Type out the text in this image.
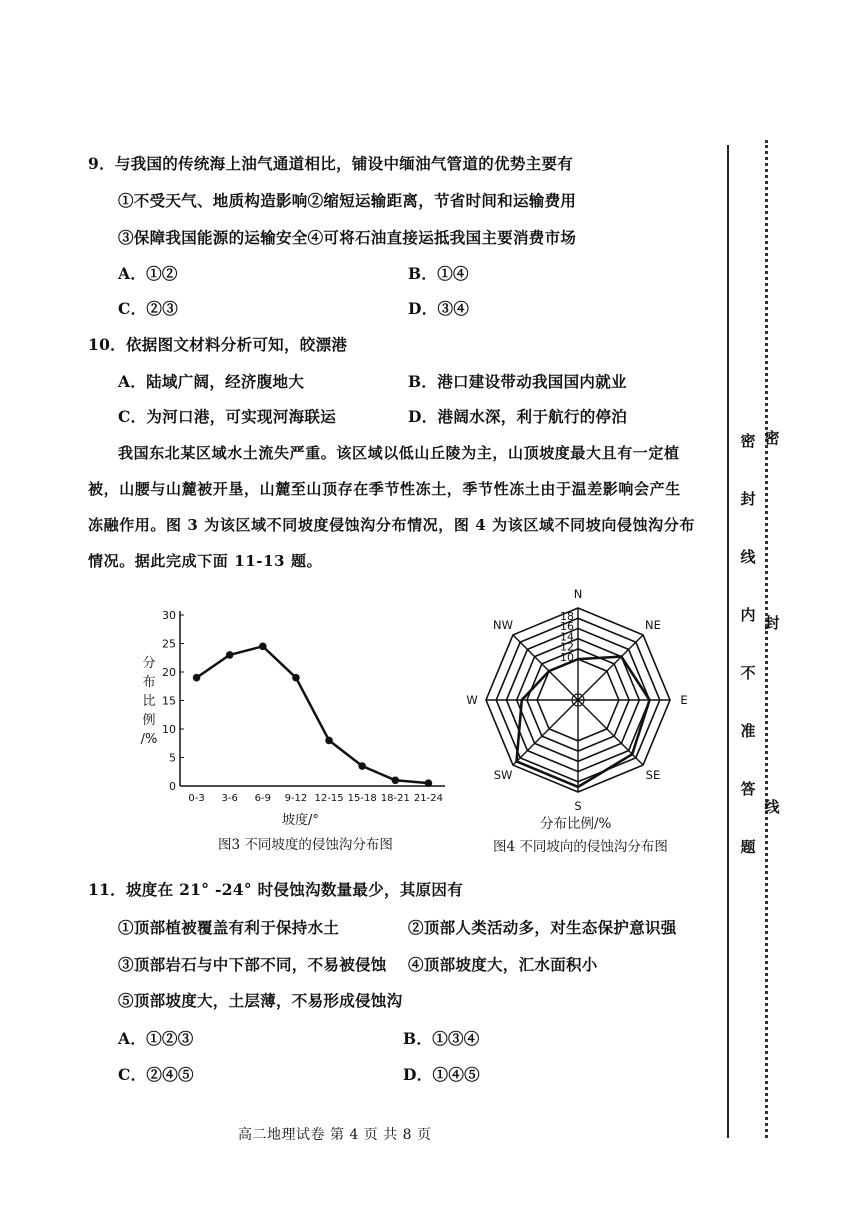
9．与我国的传统海上油气通道相比，铺设中缅油气管道的优势主要有
①不受天气、地质构造影响②缩短运输距离，节省时间和运输费用
③保障我国能源的运输安全④可将石油直接运抵我国主要消费市场
A．①②	B．①④
C．②③	D．③④
10．依据图文材料分析可知，皎漂港
A．陆域广阔，经济腹地大	B．港口建设带动我国国内就业
C．为河口港，可实现河海联运	D．港阔水深，利于航行的停泊
我国东北某区域水土流失严重。该区域以低山丘陵为主，山顶坡度最大且有一定植
被，山腰与山麓被开垦，山麓至山顶存在季节性冻土，季节性冻土由于温差影响会产生
冻融作用。图 3 为该区域不同坡度侵蚀沟分布情况，图 4 为该区域不同坡向侵蚀沟分布
情况。据此完成下面 11-13 题。
0
5
10
15
20
25
30
0-3 3-6 6-9 9-12 12-15 15-18 18-21 21-24
分
布
比
例
/%
坡度/°
图3 不同坡度的侵蚀沟分布图
10
12
14
16
18
N
NE
E
SE
S
SW
W
NW
分布比例/%
图4 不同坡向的侵蚀沟分布图
11．坡度在 21° -24° 时侵蚀沟数量最少，其原因有
①顶部植被覆盖有利于保持水土	②顶部人类活动多，对生态保护意识强
③顶部岩石与中下部不同，不易被侵蚀 ④顶部坡度大，汇水面积小
⑤顶部坡度大，土层薄，不易形成侵蚀沟
A．①②③	B．①③④
C．②④⑤	D．①④⑤
高二地理试卷 第 4 页 共 8 页
密
封
线
内
不
准
答
题
密
封
线
